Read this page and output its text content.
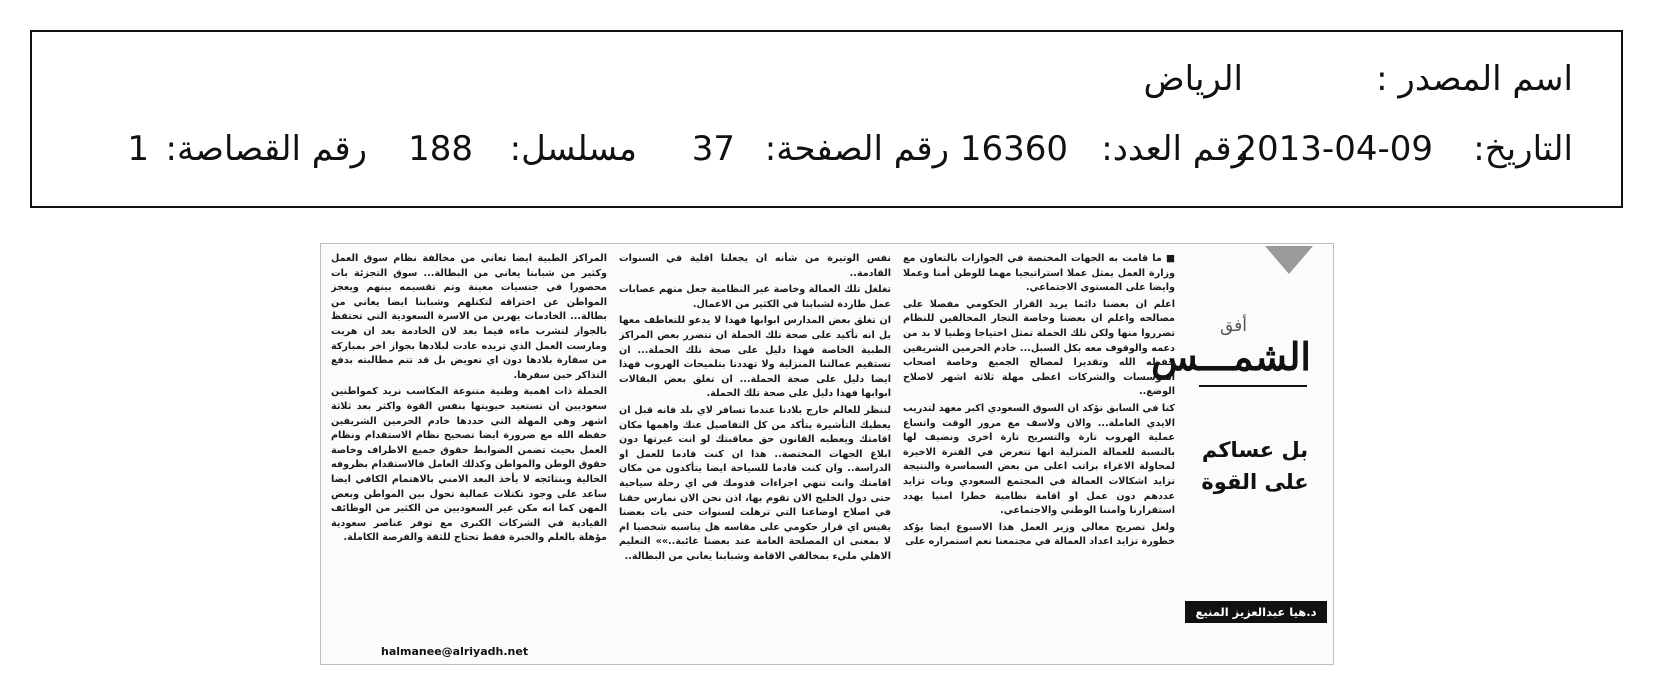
اسم المصدر :
الرياض
التاريخ:
2013-04-09
رقم العدد:
16360
رقم الصفحة:
37
مسلسل:
188
رقم القصاصة:
1
أفق
الشمـــس
بل عساكم على القوة
د.هيا عبدالعزيز المنيع

■ ما قامت به الجهات المختصة في الجوازات بالتعاون مع وزارة العمل يمثل عملا استراتيجيا مهما للوطن أمنا وعملا وايضا على المستوى الاجتماعي.

اعلم ان بعضنا دائما يريد القرار الحكومي مفصلا على مصالحه واعلم ان بعضنا وخاصة التجار المخالفين للنظام تضرروا منها ولكن تلك الحملة تمثل احتياجا وطنيا لا بد من دعمه والوقوف معه بكل السبل... خادم الحرمين الشريفين حفظه الله وتقديرا لمصالح الجميع وخاصة اصحاب المؤسسات والشركات اعطى مهلة ثلاثة اشهر لاصلاح الوضع..

كنا في السابق نؤكد ان السوق السعودي اكبر معهد لتدريب الايدي العاملة... والان ولاسف مع مرور الوقت واتساع عملية الهروب تارة والتسريح تارة اخرى ونضيف لها بالنسبة للعمالة المنزلية انها تتعرض في الفترة الاخيرة لمحاولة الاغراء براتب اعلى من بعض السماسرة والنتيجة تزايد اشكالات العمالة في المجتمع السعودي وبات تزايد عددهم دون عمل او اقامة نظامية خطرا امنيا يهدد استقرارنا وامننا الوطني والاجتماعي.

ولعل تصريح معالي وزير العمل هذا الاسبوع ايضا يؤكد خطورة تزايد اعداد العمالة في مجتمعنا نعم استمراره على

نفس الوتيرة من شأنه ان يجعلنا اقلية في السنوات القادمة..

تغلغل تلك العمالة وخاصة غير النظامية جعل منهم عصابات عمل طاردة لشبابنا في الكثير من الاعمال.

ان تغلق بعض المدارس ابوابها فهذا لا يدعو للتعاطف معها بل انه تأكيد على صحة تلك الحملة ان تتضرر بعض المراكز الطبية الخاصة فهذا دليل على صحة تلك الحملة... ان تستقيم عمالتنا المنزلية ولا تهددنا بتلميحات الهروب فهذا ايضا دليل على صحة الحملة... ان تغلق بعض البقالات ابوابها فهذا دليل على صحة تلك الحملة.

لننظر للعالم خارج بلادنا عندما تسافر لاي بلد فانه قبل ان يعطيك التأشيرة يتأكد من كل التفاصيل عنك واهمها مكان اقامتك ويعطيه القانون حق معاقبتك لو انت غيرتها دون ابلاغ الجهات المختصة.. هذا ان كنت قادما للعمل او الدراسة.. وان كنت قادما للسياحة ايضا يتأكدون من مكان اقامتك وانت تنهي اجراءات قدومك في اي رحلة سياحية حتى دول الخليج الان تقوم بها، اذن نحن الان نمارس حقنا في اصلاح اوضاعنا التي ترهلت لسنوات حتى بات بعضنا يقيس اي قرار حكومي على مقاسه هل يناسبه شخصيا ام لا بمعنى ان المصلحة العامة عند بعضنا غائبة..»» التعليم الاهلي مليء بمخالفي الاقامة وشبابنا يعاني من البطالة..

المراكز الطبية ايضا تعاني من مخالفة نظام سوق العمل وكثير من شبابنا يعاني من البطالة... سوق التجزئة بات محصورا في جنسيات معينة وتم تقسيمه بينهم ويعجز المواطن عن اختراقه لتكتلهم وشبابنا ايضا يعاني من بطالة... الخادمات يهربن من الاسرة السعودية التي تحتفظ بالجواز لتشرب ماءه فيما بعد لان الخادمة بعد ان هربت ومارست العمل الذي تريده عادت لبلادها بجواز اخر بمباركة من سفارة بلادها دون اي تعويض بل قد تتم مطالبته بدفع التذاكر حين سفرها.

الحملة ذات اهمية وطنية متنوعة المكاسب نريد كمواطنين سعوديين ان تستعيد حيويتها بنفس القوة واكثر بعد ثلاثة اشهر وهي المهلة التي حددها خادم الحرمين الشريفين حفظه الله مع ضرورة ايضا تصحيح نظام الاستقدام ونظام العمل بحيث تضمن الضوابط حقوق جميع الاطراف وخاصة حقوق الوطن والمواطن وكذلك العامل فالاستقدام بظروفه الحالية وبنتائجه لا يأخذ البعد الامني بالاهتمام الكافي ايضا ساعد على وجود تكتلات عمالية تحول بين المواطن وبعض المهن كما انه مكن غير السعوديين من الكثير من الوظائف القيادية في الشركات الكبرى مع توفر عناصر سعودية مؤهلة بالعلم والخبرة فقط تحتاج للثقة والفرصة الكاملة.

halmanee@alriyadh.net
